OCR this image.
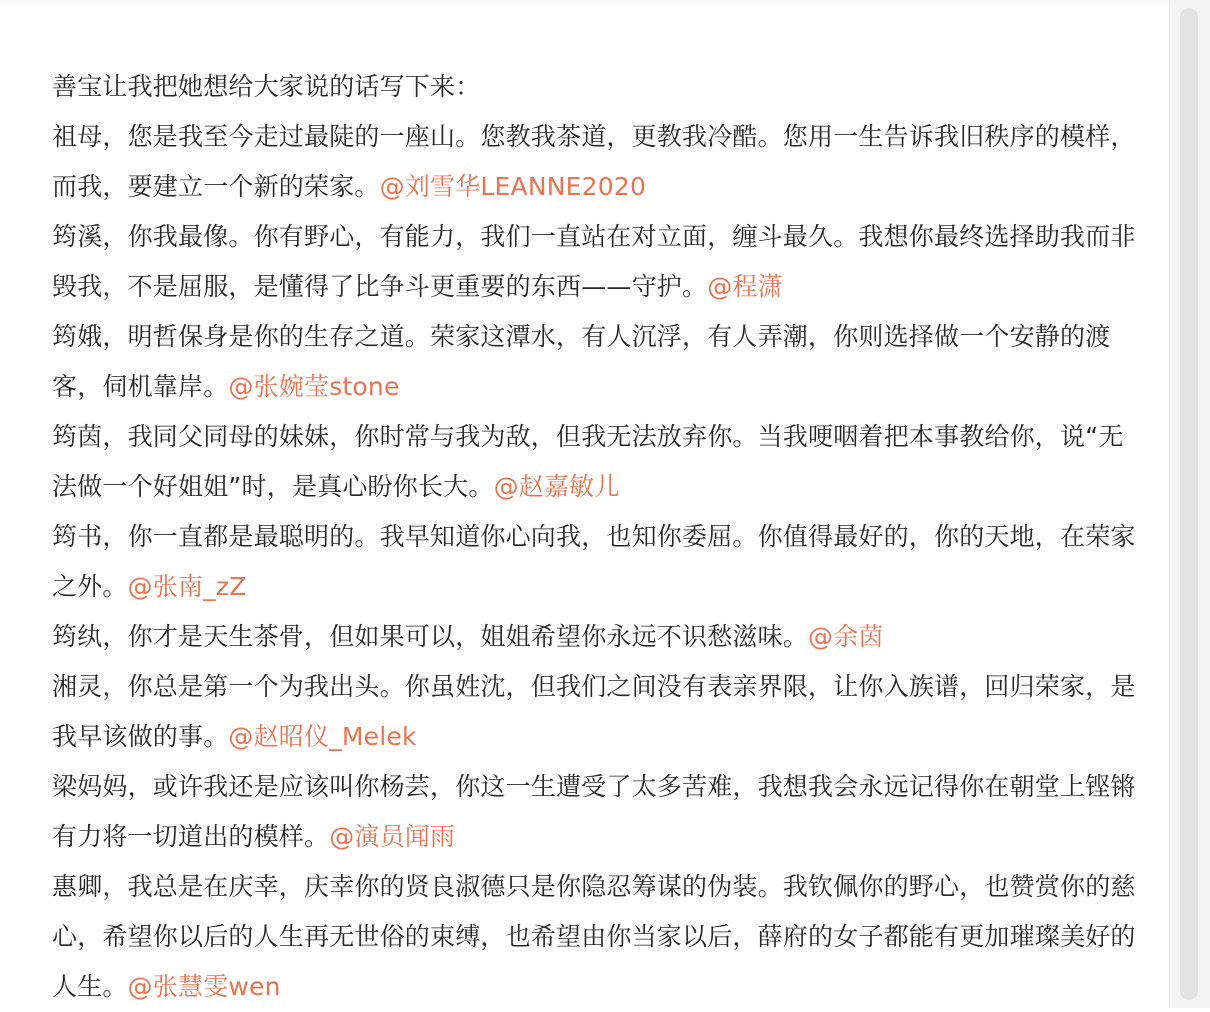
善宝让我把她想给大家说的话写下来：

祖母，您是我至今走过最陡的一座山。您教我茶道，更教我冷酷。您用一生告诉我旧秩序的模样，而我，要建立一个新的荣家。@刘雪华LEANNE2020

筠溪，你我最像。你有野心，有能力，我们一直站在对立面，缠斗最久。我想你最终选择助我而非毁我，不是屈服，是懂得了比争斗更重要的东西——守护。@程潇

筠娥，明哲保身是你的生存之道。荣家这潭水，有人沉浮，有人弄潮，你则选择做一个安静的渡客，伺机靠岸。@张婉莹stone

筠茵，我同父同母的妹妹，你时常与我为敌，但我无法放弃你。当我哽咽着把本事教给你，说“无法做一个好姐姐”时，是真心盼你长大。@赵嘉敏儿

筠书，你一直都是最聪明的。我早知道你心向我，也知你委屈。你值得最好的，你的天地，在荣家之外。@张南_zZ

筠纨，你才是天生茶骨，但如果可以，姐姐希望你永远不识愁滋味。@余茵

湘灵，你总是第一个为我出头。你虽姓沈，但我们之间没有表亲界限，让你入族谱，回归荣家，是我早该做的事。@赵昭仪_Melek

梁妈妈，或许我还是应该叫你杨芸，你这一生遭受了太多苦难，我想我会永远记得你在朝堂上铿锵有力将一切道出的模样。@演员闻雨

惠卿，我总是在庆幸，庆幸你的贤良淑德只是你隐忍筹谋的伪装。我钦佩你的野心，也赞赏你的慈心，希望你以后的人生再无世俗的束缚，也希望由你当家以后，薛府的女子都能有更加璀璨美好的人生。@张慧雯wen
